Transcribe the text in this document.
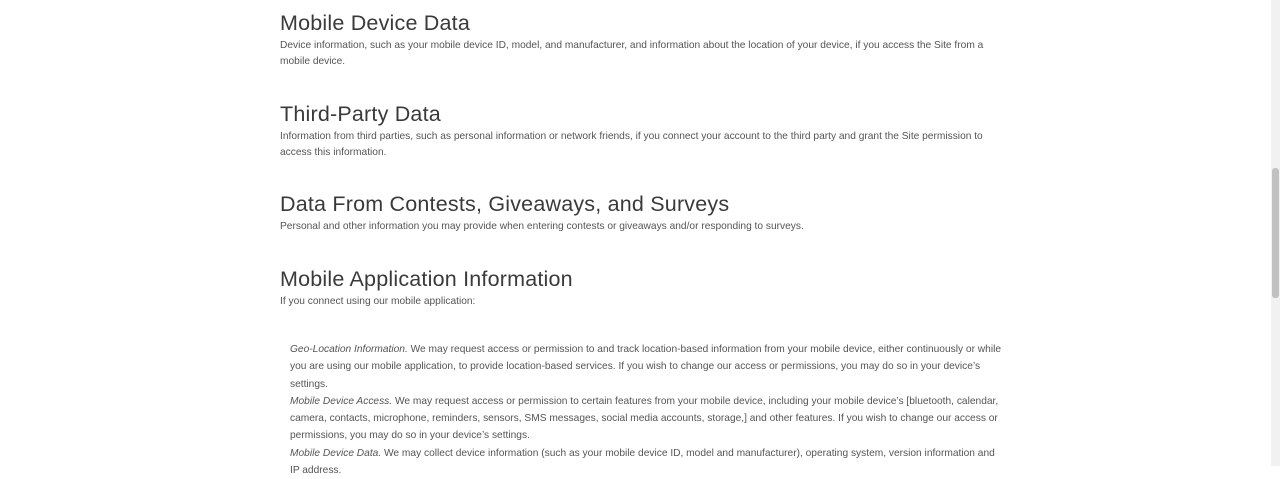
Mobile Device Data

Device information, such as your mobile device ID, model, and manufacturer, and information about the location of your device, if you access the Site from a mobile device.

Third-Party Data

Information from third parties, such as personal information or network friends, if you connect your account to the third party and grant the Site permission to access this information.

Data From Contests, Giveaways, and Surveys

Personal and other information you may provide when entering contests or giveaways and/or responding to surveys.

Mobile Application Information

If you connect using our mobile application:

Geo-Location Information. We may request access or permission to and track location-based information from your mobile device, either continuously or while you are using our mobile application, to provide location-based services. If you wish to change our access or permissions, you may do so in your device’s settings.
Mobile Device Access. We may request access or permission to certain features from your mobile device, including your mobile device’s [bluetooth, calendar, camera, contacts, microphone, reminders, sensors, SMS messages, social media accounts, storage,] and other features. If you wish to change our access or permissions, you may do so in your device’s settings.
Mobile Device Data. We may collect device information (such as your mobile device ID, model and manufacturer), operating system, version information and IP address.
